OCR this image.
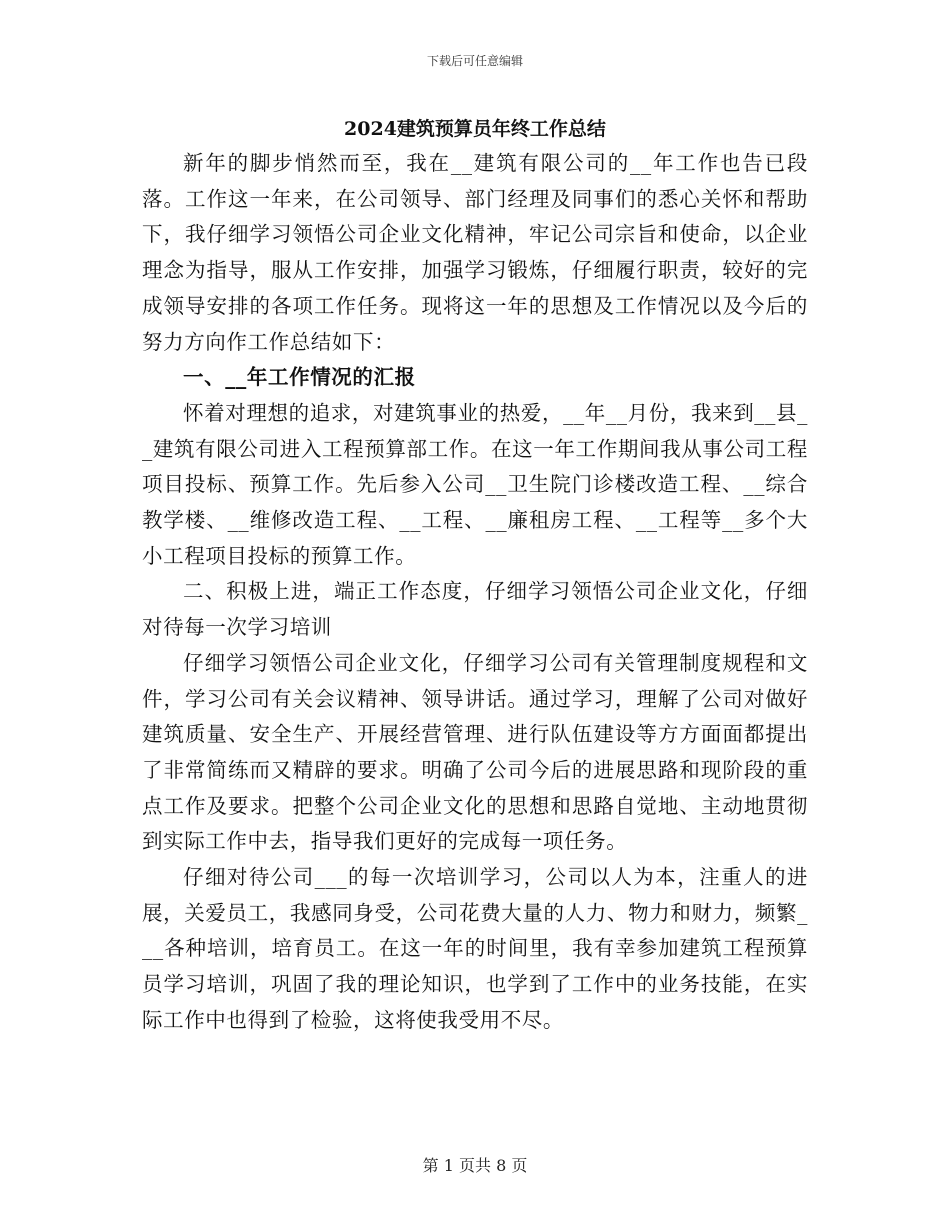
下载后可任意编辑
2024建筑预算员年终工作总结

新年的脚步悄然而至，我在__建筑有限公司的__年工作也告已段落。工作这一年来，在公司领导、部门经理及同事们的悉心关怀和帮助下，我仔细学习领悟公司企业文化精神，牢记公司宗旨和使命，以企业理念为指导，服从工作安排，加强学习锻炼，仔细履行职责，较好的完成领导安排的各项工作任务。现将这一年的思想及工作情况以及今后的努力方向作工作总结如下：

一、__年工作情况的汇报

怀着对理想的追求，对建筑事业的热爱，__年__月份，我来到__县__建筑有限公司进入工程预算部工作。在这一年工作期间我从事公司工程项目投标、预算工作。先后参入公司__卫生院门诊楼改造工程、__综合教学楼、__维修改造工程、__工程、__廉租房工程、__工程等__多个大小工程项目投标的预算工作。

二、积极上进，端正工作态度，仔细学习领悟公司企业文化，仔细对待每一次学习培训

仔细学习领悟公司企业文化，仔细学习公司有关管理制度规程和文件，学习公司有关会议精神、领导讲话。通过学习，理解了公司对做好建筑质量、安全生产、开展经营管理、进行队伍建设等方方面面都提出了非常简练而又精辟的要求。明确了公司今后的进展思路和现阶段的重点工作及要求。把整个公司企业文化的思想和思路自觉地、主动地贯彻到实际工作中去，指导我们更好的完成每一项任务。

仔细对待公司___的每一次培训学习，公司以人为本，注重人的进展，关爱员工，我感同身受，公司花费大量的人力、物力和财力，频繁___各种培训，培育员工。在这一年的时间里，我有幸参加建筑工程预算员学习培训，巩固了我的理论知识，也学到了工作中的业务技能，在实际工作中也得到了检验，这将使我受用不尽。

第 1 页共 8 页
